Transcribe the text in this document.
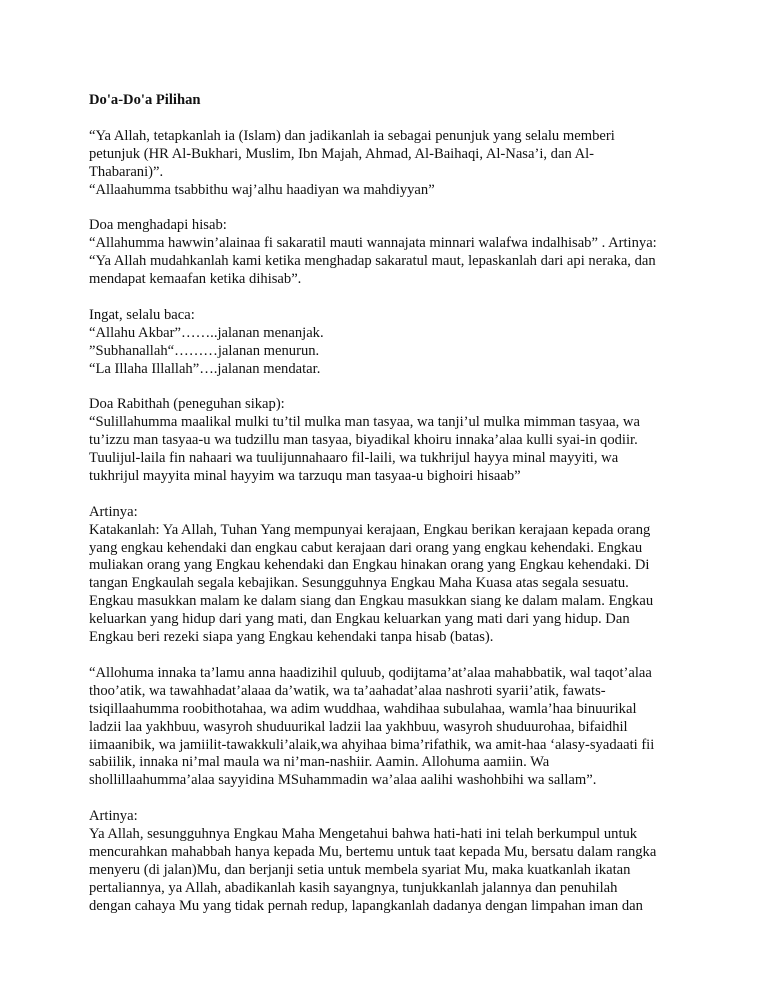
Do'a-Do'a Pilihan

“Ya Allah, tetapkanlah ia (Islam) dan jadikanlah ia sebagai penunjuk yang selalu memberi
petunjuk (HR Al-Bukhari, Muslim, Ibn Majah, Ahmad, Al-Baihaqi, Al-Nasa’i, dan Al-
Thabarani)”.
“Allaahumma tsabbithu waj’alhu haadiyan wa mahdiyyan”
Doa menghadapi hisab:
“Allahumma hawwin’alainaa fi sakaratil mauti wannajata minnari walafwa indalhisab” . Artinya:
“Ya Allah mudahkanlah kami ketika menghadap sakaratul maut, lepaskanlah dari api neraka, dan
mendapat kemaafan ketika dihisab”.
Ingat, selalu baca:
“Allahu Akbar”……..jalanan menanjak.
”Subhanallah“………jalanan menurun.
“La Illaha Illallah”….jalanan mendatar.
Doa Rabithah (peneguhan sikap):
“Sulillahumma maalikal mulki tu’til mulka man tasyaa, wa tanji’ul mulka mimman tasyaa, wa
tu’izzu man tasyaa-u wa tudzillu man tasyaa, biyadikal khoiru innaka’alaa kulli syai-in qodiir.
Tuulijul-laila fin nahaari wa tuulijunnahaaro fil-laili, wa tukhrijul hayya minal mayyiti, wa
tukhrijul mayyita minal hayyim wa tarzuqu man tasyaa-u bighoiri hisaab”
Artinya:
Katakanlah: Ya Allah, Tuhan Yang mempunyai kerajaan, Engkau berikan kerajaan kepada orang
yang engkau kehendaki dan engkau cabut kerajaan dari orang yang engkau kehendaki. Engkau
muliakan orang yang Engkau kehendaki dan Engkau hinakan orang yang Engkau kehendaki. Di
tangan Engkaulah segala kebajikan. Sesungguhnya Engkau Maha Kuasa atas segala sesuatu.
Engkau masukkan malam ke dalam siang dan Engkau masukkan siang ke dalam malam. Engkau
keluarkan yang hidup dari yang mati, dan Engkau keluarkan yang mati dari yang hidup. Dan
Engkau beri rezeki siapa yang Engkau kehendaki tanpa hisab (batas).
“Allohuma innaka ta’lamu anna haadizihil quluub, qodijtama’at’alaa mahabbatik, wal taqot’alaa
thoo’atik, wa tawahhadat’alaaa da’watik, wa ta’aahadat’alaa nashroti syarii’atik, fawats-
tsiqillaahumma roobithotahaa, wa adim wuddhaa, wahdihaa subulahaa, wamla’haa binuurikal
ladzii laa yakhbuu, wasyroh shuduurikal ladzii laa yakhbuu, wasyroh shuduurohaa, bifaidhil
iimaanibik, wa jamiilit-tawakkuli’alaik,wa ahyihaa bima’rifathik, wa amit-haa ‘alasy-syadaati fii
sabiilik, innaka ni’mal maula wa ni’man-nashiir. Aamin. Allohuma aamiin. Wa
shollillaahumma’alaa sayyidina MSuhammadin wa’alaa aalihi washohbihi wa sallam”.
Artinya:
Ya Allah, sesungguhnya Engkau Maha Mengetahui bahwa hati-hati ini telah berkumpul untuk
mencurahkan mahabbah hanya kepada Mu, bertemu untuk taat kepada Mu, bersatu dalam rangka
menyeru (di jalan)Mu, dan berjanji setia untuk membela syariat Mu, maka kuatkanlah ikatan
pertaliannya, ya Allah, abadikanlah kasih sayangnya, tunjukkanlah jalannya dan penuhilah
dengan cahaya Mu yang tidak pernah redup, lapangkanlah dadanya dengan limpahan iman dan
